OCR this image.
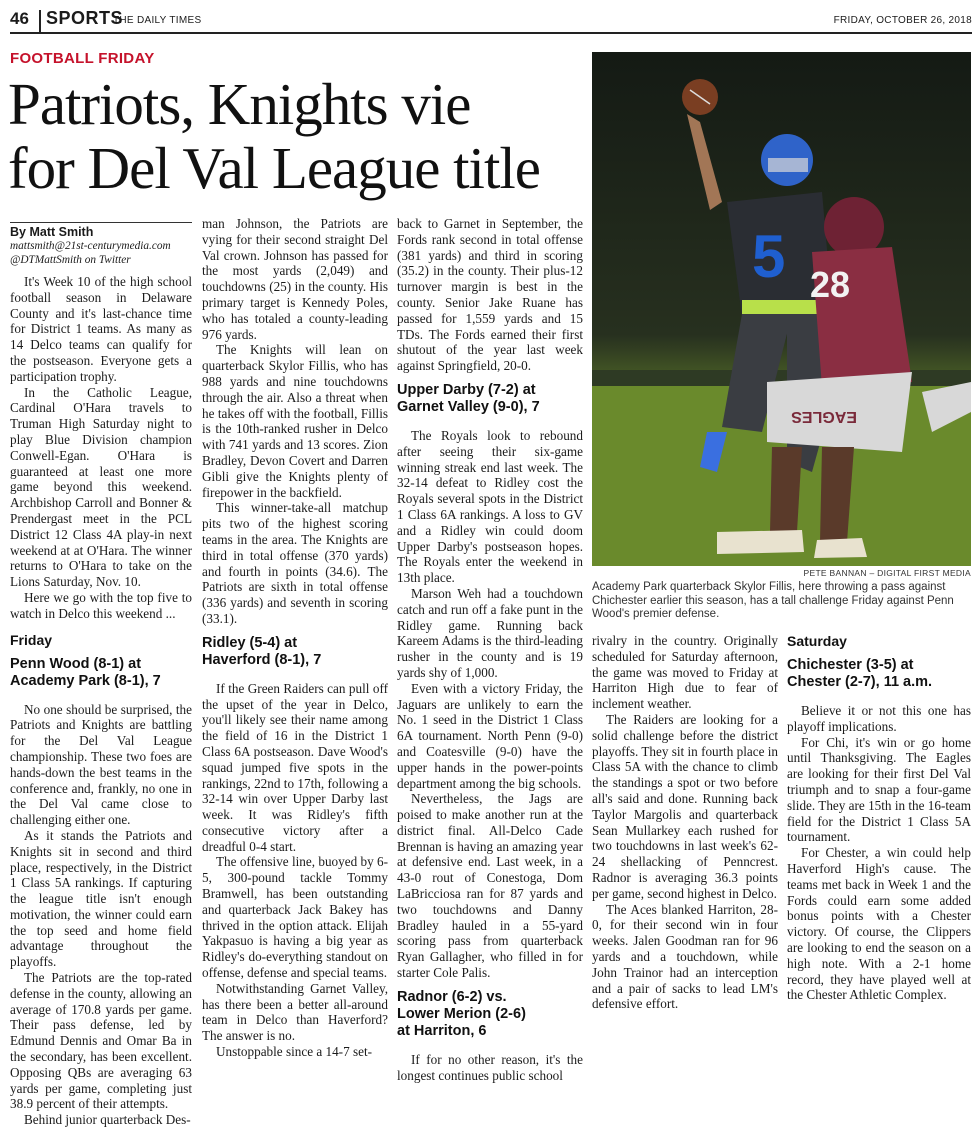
46 SPORTS
THE DAILY TIMES	FRIDAY, OCTOBER 26, 2018
FOOTBALL FRIDAY
Patriots, Knights vie
for Del Val League title
By Matt Smith
mattsmith@21st-centurymedia.com
@DTMattSmith on Twitter

It's Week 10 of the high school football season in Delaware County and it's last-chance time for District 1 teams. As many as 14 Delco teams can qualify for the postseason. Everyone gets a participation trophy.

In the Catholic League, Cardinal O'Hara travels to Truman High Saturday night to play Blue Division champion Conwell-Egan. O'Hara is guaranteed at least one more game beyond this weekend. Archbishop Carroll and Bonner & Prendergast meet in the PCL District 12 Class 4A play-in next weekend at at O'Hara. The winner returns to O'Hara to take on the Lions Saturday, Nov. 10.

Here we go with the top five to watch in Delco this weekend ...

Friday
Penn Wood (8-1) at
Academy Park (8-1), 7

No one should be surprised, the Patriots and Knights are battling for the Del Val League championship. These two foes are hands-down the best teams in the conference and, frankly, no one in the Del Val came close to challenging either one.

As it stands the Patriots and Knights sit in second and third place, respectively, in the District 1 Class 5A rankings. If capturing the league title isn't enough motivation, the winner could earn the top seed and home field advantage throughout the playoffs.

The Patriots are the top-rated defense in the county, allowing an average of 170.8 yards per game. Their pass defense, led by Edmund Dennis and Omar Ba in the secondary, has been excellent. Opposing QBs are averaging 63 yards per game, completing just 38.9 percent of their attempts.

Behind junior quarterback Des-

man Johnson, the Patriots are vying for their second straight Del Val crown. Johnson has passed for the most yards (2,049) and touchdowns (25) in the county. His primary target is Kennedy Poles, who has totaled a county-leading 976 yards.

The Knights will lean on quarterback Skylor Fillis, who has 988 yards and nine touchdowns through the air. Also a threat when he takes off with the football, Fillis is the 10th-ranked rusher in Delco with 741 yards and 13 scores. Zion Bradley, Devon Covert and Darren Gibli give the Knights plenty of firepower in the backfield.

This winner-take-all matchup pits two of the highest scoring teams in the area. The Knights are third in total offense (370 yards) and fourth in points (34.6). The Patriots are sixth in total offense (336 yards) and seventh in scoring (33.1).

Ridley (5-4) at
Haverford (8-1), 7

If the Green Raiders can pull off the upset of the year in Delco, you'll likely see their name among the field of 16 in the District 1 Class 6A postseason. Dave Wood's squad jumped five spots in the rankings, 22nd to 17th, following a 32-14 win over Upper Darby last week. It was Ridley's fifth consecutive victory after a dreadful 0-4 start.

The offensive line, buoyed by 6-5, 300-pound tackle Tommy Bramwell, has been outstanding and quarterback Jack Bakey has thrived in the option attack. Elijah Yakpasuo is having a big year as Ridley's do-everything standout on offense, defense and special teams.

Notwithstanding Garnet Valley, has there been a better all-around team in Delco than Haverford? The answer is no.

Unstoppable since a 14-7 set-

back to Garnet in September, the Fords rank second in total offense (381 yards) and third in scoring (35.2) in the county. Their plus-12 turnover margin is best in the county. Senior Jake Ruane has passed for 1,559 yards and 15 TDs. The Fords earned their first shutout of the year last week against Springfield, 20-0.

Upper Darby (7-2) at
Garnet Valley (9-0), 7

The Royals look to rebound after seeing their six-game winning streak end last week. The 32-14 defeat to Ridley cost the Royals several spots in the District 1 Class 6A rankings. A loss to GV and a Ridley win could doom Upper Darby's postseason hopes. The Royals enter the weekend in 13th place.

Marson Weh had a touchdown catch and run off a fake punt in the Ridley game. Running back Kareem Adams is the third-leading rusher in the county and is 19 yards shy of 1,000.

Even with a victory Friday, the Jaguars are unlikely to earn the No. 1 seed in the District 1 Class 6A tournament. North Penn (9-0) and Coatesville (9-0) have the upper hands in the power-points department among the big schools.

Nevertheless, the Jags are poised to make another run at the district final. All-Delco Cade Brennan is having an amazing year at defensive end. Last week, in a 43-0 rout of Conestoga, Dom LaBricciosa ran for 87 yards and two touchdowns and Danny Bradley hauled in a 55-yard scoring pass from quarterback Ryan Gallagher, who filled in for starter Cole Palis.

Radnor (6-2) vs.
Lower Merion (2-6)
at Harriton, 6

If for no other reason, it's the longest continues public school

5 28
EAGLES
PETE BANNAN – DIGITAL FIRST MEDIA
Academy Park quarterback Skylor Fillis, here throwing a pass against Chichester earlier this season, has a tall challenge Friday against Penn Wood's premier defense.

rivalry in the country. Originally scheduled for Saturday afternoon, the game was moved to Friday at Harriton High due to fear of inclement weather.

The Raiders are looking for a solid challenge before the district playoffs. They sit in fourth place in Class 5A with the chance to climb the standings a spot or two before all's said and done. Running back Taylor Margolis and quarterback Sean Mullarkey each rushed for two touchdowns in last week's 62-24 shellacking of Penncrest. Radnor is averaging 36.3 points per game, second highest in Delco.

The Aces blanked Harriton, 28-0, for their second win in four weeks. Jalen Goodman ran for 96 yards and a touchdown, while John Trainor had an interception and a pair of sacks to lead LM's defensive effort.

Saturday
Chichester (3-5) at
Chester (2-7), 11 a.m.

Believe it or not this one has playoff implications.

For Chi, it's win or go home until Thanksgiving. The Eagles are looking for their first Del Val triumph and to snap a four-game slide. They are 15th in the 16-team field for the District 1 Class 5A tournament.

For Chester, a win could help Haverford High's cause. The teams met back in Week 1 and the Fords could earn some added bonus points with a Chester victory. Of course, the Clippers are looking to end the season on a high note. With a 2-1 home record, they have played well at the Chester Athletic Complex.
